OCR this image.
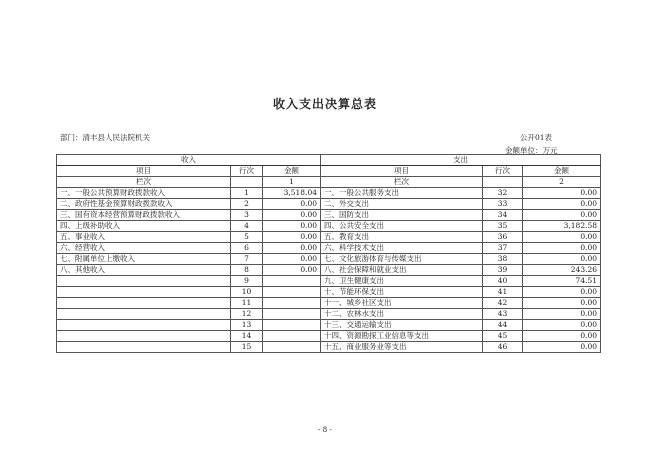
收入支出决算总表
部门：清丰县人民法院机关	公开01表
金额单位：万元
收入			支出		
项目	行次	金额	项目	行次	金额
栏次		1	栏次		2
一、一般公共预算财政拨款收入	1	3,518.04	一、一般公共服务支出	32	0.00
二、政府性基金预算财政拨款收入	2	0.00	二、外交支出	33	0.00
三、国有资本经营预算财政拨款收入	3	0.00	三、国防支出	34	0.00
四、上级补助收入	4	0.00	四、公共安全支出	35	3,182.58
五、事业收入	5	0.00	五、教育支出	36	0.00
六、经营收入	6	0.00	六、科学技术支出	37	0.00
七、附属单位上缴收入	7	0.00	七、文化旅游体育与传媒支出	38	0.00
八、其他收入	8	0.00	八、社会保障和就业支出	39	243.26
	9		九、卫生健康支出	40	74.51
	10		十、节能环保支出	41	0.00
	11		十一、城乡社区支出	42	0.00
	12		十二、农林水支出	43	0.00
	13		十三、交通运输支出	44	0.00
	14		十四、资源勘探工业信息等支出	45	0.00
	15		十五、商业服务业等支出	46	0.00
- 8 -
